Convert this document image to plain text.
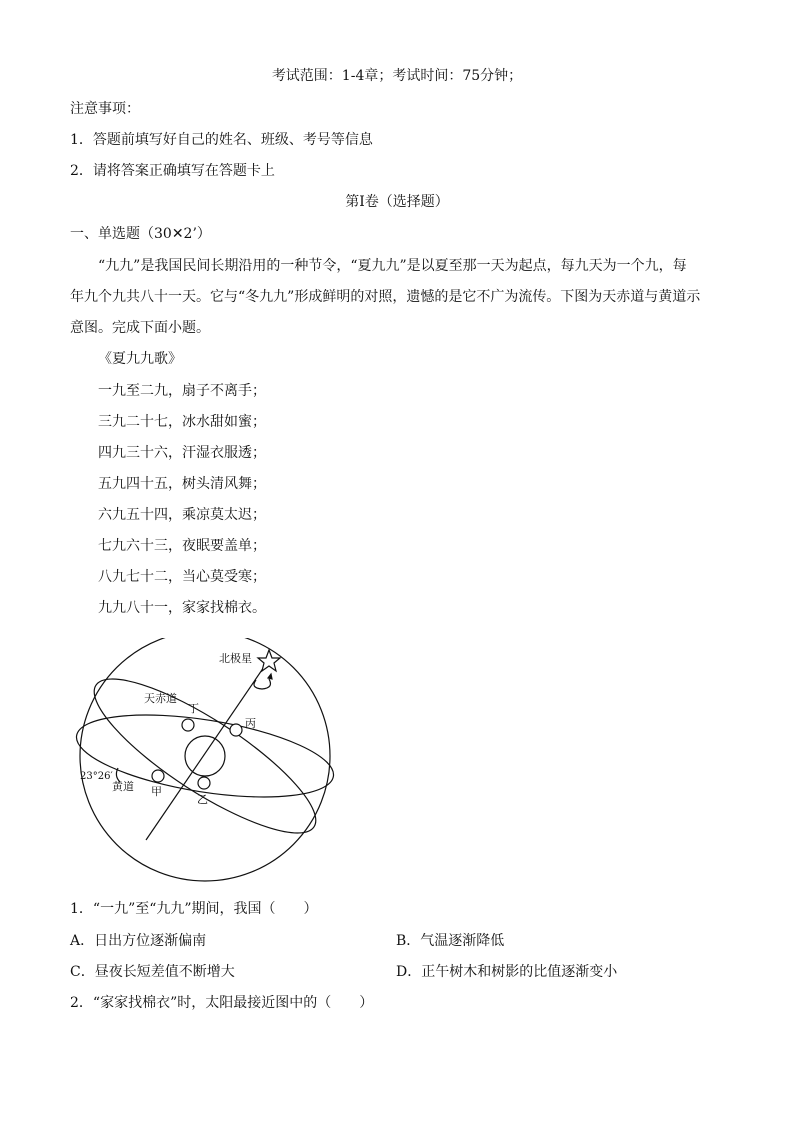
考试范围：1-4章；考试时间：75分钟；
注意事项：
1．答题前填写好自己的姓名、班级、考号等信息
2．请将答案正确填写在答题卡上
第I卷（选择题）
一、单选题（30✕2’）
“九九”是我国民间长期沿用的一种节令，“夏九九”是以夏至那一天为起点，每九天为一个九，每
年九个九共八十一天。它与“冬九九”形成鲜明的对照，遗憾的是它不广为流传。下图为天赤道与黄道示
意图。完成下面小题。
《夏九九歌》
一九至二九，扇子不离手；
三九二十七，冰水甜如蜜；
四九三十六，汗湿衣服透；
五九四十五，树头清风舞；
六九五十四，乘凉莫太迟；
七九六十三，夜眠要盖单；
八九七十二，当心莫受寒；
九九八十一，家家找棉衣。
北极星
天赤道
丁
丙
23°26′
黄道 甲
乙
1．“一九”至“九九”期间，我国（　　）
A．日出方位逐渐偏南	B．气温逐渐降低
C．昼夜长短差值不断增大	D．正午树木和树影的比值逐渐变小
2．“家家找棉衣”时，太阳最接近图中的（　　）
